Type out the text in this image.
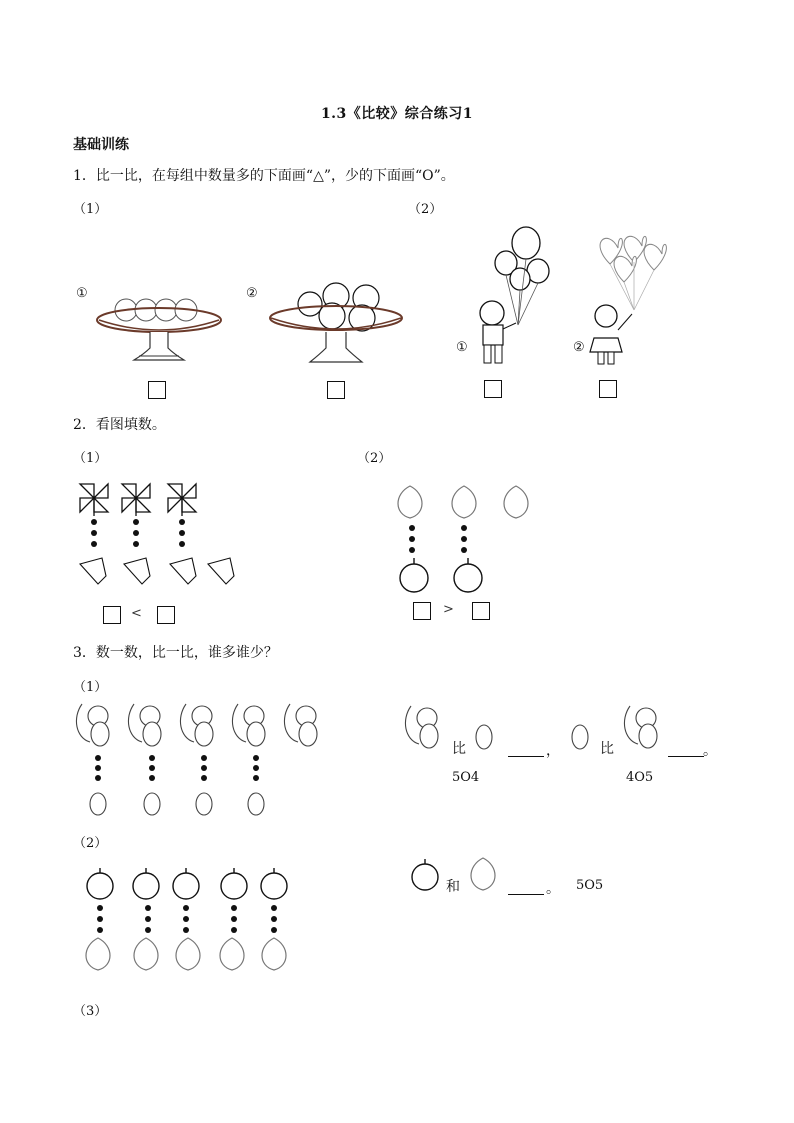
1.3《比较》综合练习1
基础训练
1．比一比，在每组中数量多的下面画“△”，少的下面画“O”。
（1）	（2）
①	②
①	②
2．看图填数。
（1）	（2）
<	>
3．数一数，比一比，谁多谁少？
（1）
比	，
5O4
比	。
4O5
（2）
和	。 5O5
（3）
